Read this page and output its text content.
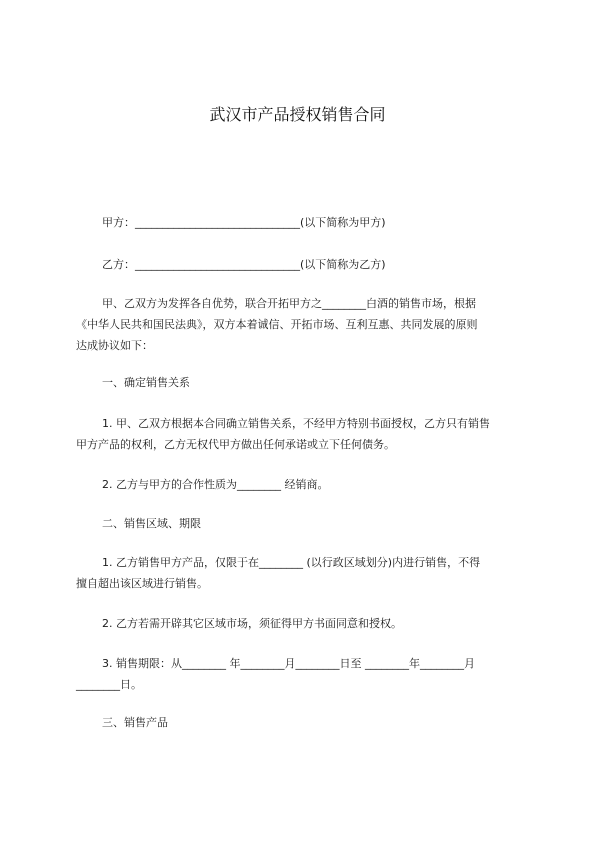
武汉市产品授权销售合同
甲方：______________________________(以下简称为甲方)
乙方：______________________________(以下简称为乙方)
甲、乙双方为发挥各自优势，联合开拓甲方之________白酒的销售市场，根据
《中华人民共和国民法典》，双方本着诚信、开拓市场、互利互惠、共同发展的原则
达成协议如下：
一、确定销售关系
1. 甲、乙双方根据本合同确立销售关系，不经甲方特别书面授权，乙方只有销售
甲方产品的权利，乙方无权代甲方做出任何承诺或立下任何债务。
2. 乙方与甲方的合作性质为________ 经销商。
二、销售区域、期限
1. 乙方销售甲方产品，仅限于在________ (以行政区域划分)内进行销售，不得
擅自超出该区域进行销售。
2. 乙方若需开辟其它区域市场，须征得甲方书面同意和授权。
3. 销售期限：从________ 年________月________日至 ________年________月
________日。
三、销售产品
